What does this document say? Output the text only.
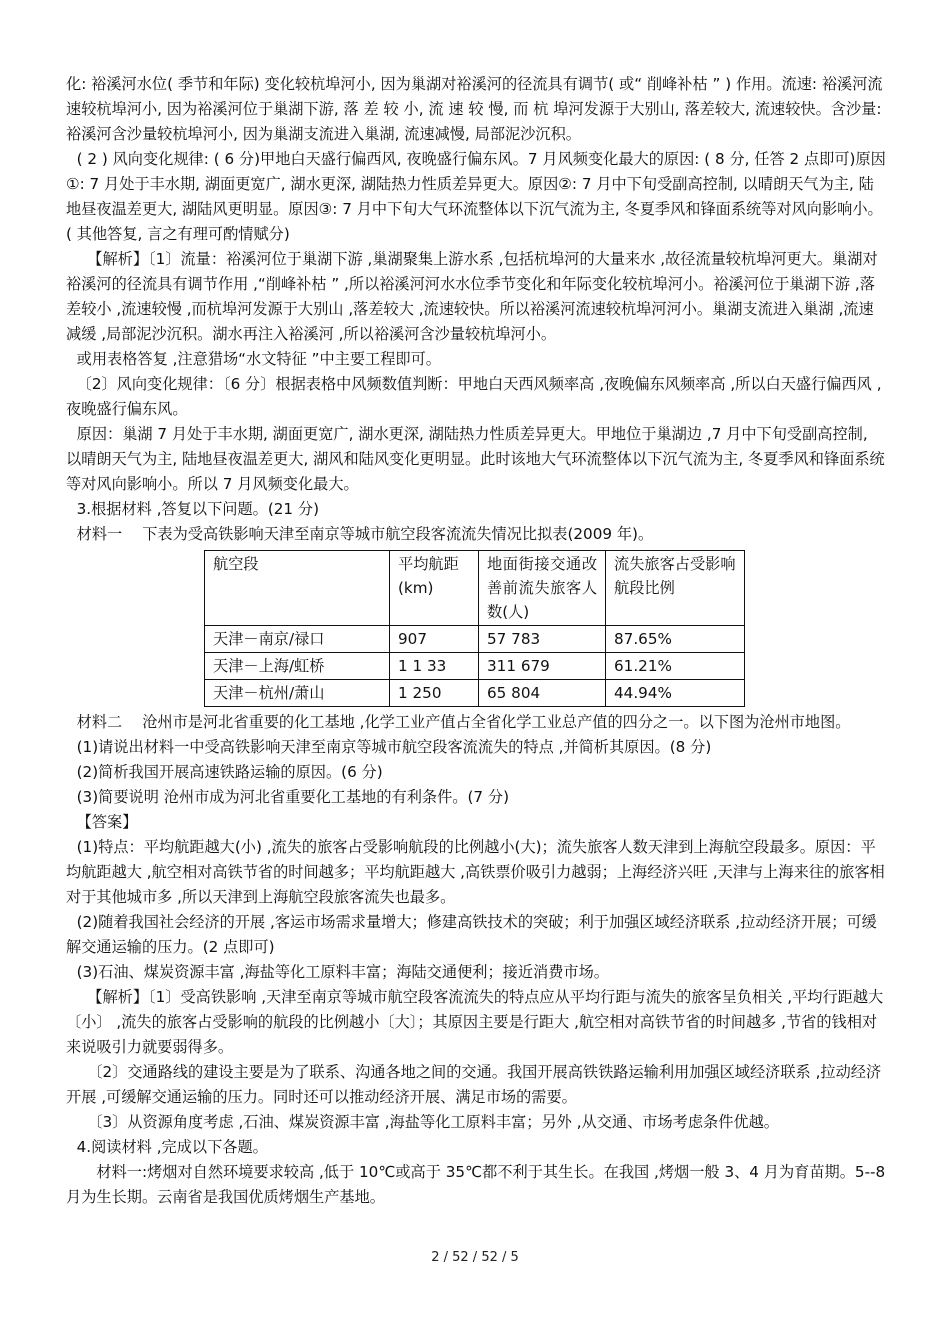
化: 裕溪河水位( 季节和年际) 变化较杭埠河小, 因为巢湖对裕溪河的径流具有调节( 或“ 削峰补枯 ” ) 作用。流速: 裕溪河流速较杭埠河小, 因为裕溪河位于巢湖下游, 落 差 较 小, 流 速 较 慢, 而 杭 埠河发源于大别山, 落差较大, 流速较快。含沙量: 裕溪河含沙量较杭埠河小, 因为巢湖支流进入巢湖, 流速减慢, 局部泥沙沉积。

( 2 ) 风向变化规律: ( 6 分)甲地白天盛行偏西风, 夜晚盛行偏东风。7 月风频变化最大的原因: ( 8 分, 任答 2 点即可)原因①: 7 月处于丰水期, 湖面更宽广, 湖水更深, 湖陆热力性质差异更大。原因②: 7 月中下旬受副高控制, 以晴朗天气为主, 陆地昼夜温差更大, 湖陆风更明显。原因③: 7 月中下旬大气环流整体以下沉气流为主, 冬夏季风和锋面系统等对风向影响小。( 其他答复, 言之有理可酌情赋分)

【解析】〔1〕流量：裕溪河位于巢湖下游 ,巢湖聚集上游水系 ,包括杭埠河的大量来水 ,故径流量较杭埠河更大。巢湖对裕溪河的径流具有调节作用 ,“削峰补枯 ” ,所以裕溪河河水水位季节变化和年际变化较杭埠河小。裕溪河位于巢湖下游 ,落差较小 ,流速较慢 ,而杭埠河发源于大别山 ,落差较大 ,流速较快。所以裕溪河流速较杭埠河河小。巢湖支流进入巢湖 ,流速减缓 ,局部泥沙沉积。湖水再注入裕溪河 ,所以裕溪河含沙量较杭埠河小。

或用表格答复 ,注意猎场“水文特征 ”中主要工程即可。

〔2〕风向变化规律：〔6 分〕根据表格中风频数值判断：甲地白天西风频率高 ,夜晚偏东风频率高 ,所以白天盛行偏西风 ,夜晚盛行偏东风。

原因：巢湖 7 月处于丰水期, 湖面更宽广, 湖水更深, 湖陆热力性质差异更大。甲地位于巢湖边 ,7 月中下旬受副高控制, 以晴朗天气为主, 陆地昼夜温差更大, 湖风和陆风变化更明显。此时该地大气环流整体以下沉气流为主, 冬夏季风和锋面系统等对风向影响小。所以 7 月风频变化最大。

3.根据材料 ,答复以下问题。(21 分)

材料一 　下表为受高铁影响天津至南京等城市航空段客流流失情况比拟表(2009 年)。

航空段	平均航距(km)	地面街接交通改善前流失旅客人数(人)	流失旅客占受影响航段比例
天津－南京/禄口	907	57 783	87.65%
天津－上海/虹桥	1 1 33	311 679	61.21%
天津－杭州/萧山	1 250	65 804	44.94%

材料二 　沧州市是河北省重要的化工基地 ,化学工业产值占全省化学工业总产值的四分之一。以下图为沧州市地图。

(1)请说出材料一中受高铁影响天津至南京等城市航空段客流流失的特点 ,并简析其原因。(8 分)

(2)简析我国开展高速铁路运输的原因。(6 分)

(3)简要说明 沧州市成为河北省重要化工基地的有利条件。(7 分)

【答案】

(1)特点：平均航距越大(小) ,流失的旅客占受影响航段的比例越小(大)；流失旅客人数天津到上海航空段最多。原因：平均航距越大 ,航空相对高铁节省的时间越多；平均航距越大 ,高铁票价吸引力越弱；上海经济兴旺 ,天津与上海来往的旅客相对于其他城市多 ,所以天津到上海航空段旅客流失也最多。

(2)随着我国社会经济的开展 ,客运市场需求量增大；修建高铁技术的突破；利于加强区域经济联系 ,拉动经济开展；可缓解交通运输的压力。(2 点即可)

(3)石油、煤炭资源丰富 ,海盐等化工原料丰富；海陆交通便利；接近消费市场。

【解析】〔1〕受高铁影响 ,天津至南京等城市航空段客流流失的特点应从平均行距与流失的旅客呈负相关 ,平均行距越大〔小〕 ,流失的旅客占受影响的航段的比例越小〔大〕；其原因主要是行距大 ,航空相对高铁节省的时间越多 ,节省的钱相对来说吸引力就要弱得多。

〔2〕交通路线的建设主要是为了联系、沟通各地之间的交通。我国开展高铁铁路运输利用加强区域经济联系 ,拉动经济开展 ,可缓解交通运输的压力。同时还可以推动经济开展、满足市场的需要。

〔3〕从资源角度考虑 ,石油、煤炭资源丰富 ,海盐等化工原料丰富；另外 ,从交通、市场考虑条件优越。

4.阅读材料 ,完成以下各题。

材料一:烤烟对自然环境要求较高 ,低于 10℃或高于 35℃都不利于其生长。在我国 ,烤烟一般 3、4 月为育苗期。5--8 月为生长期。云南省是我国优质烤烟生产基地。

2 / 52 / 52 / 5
